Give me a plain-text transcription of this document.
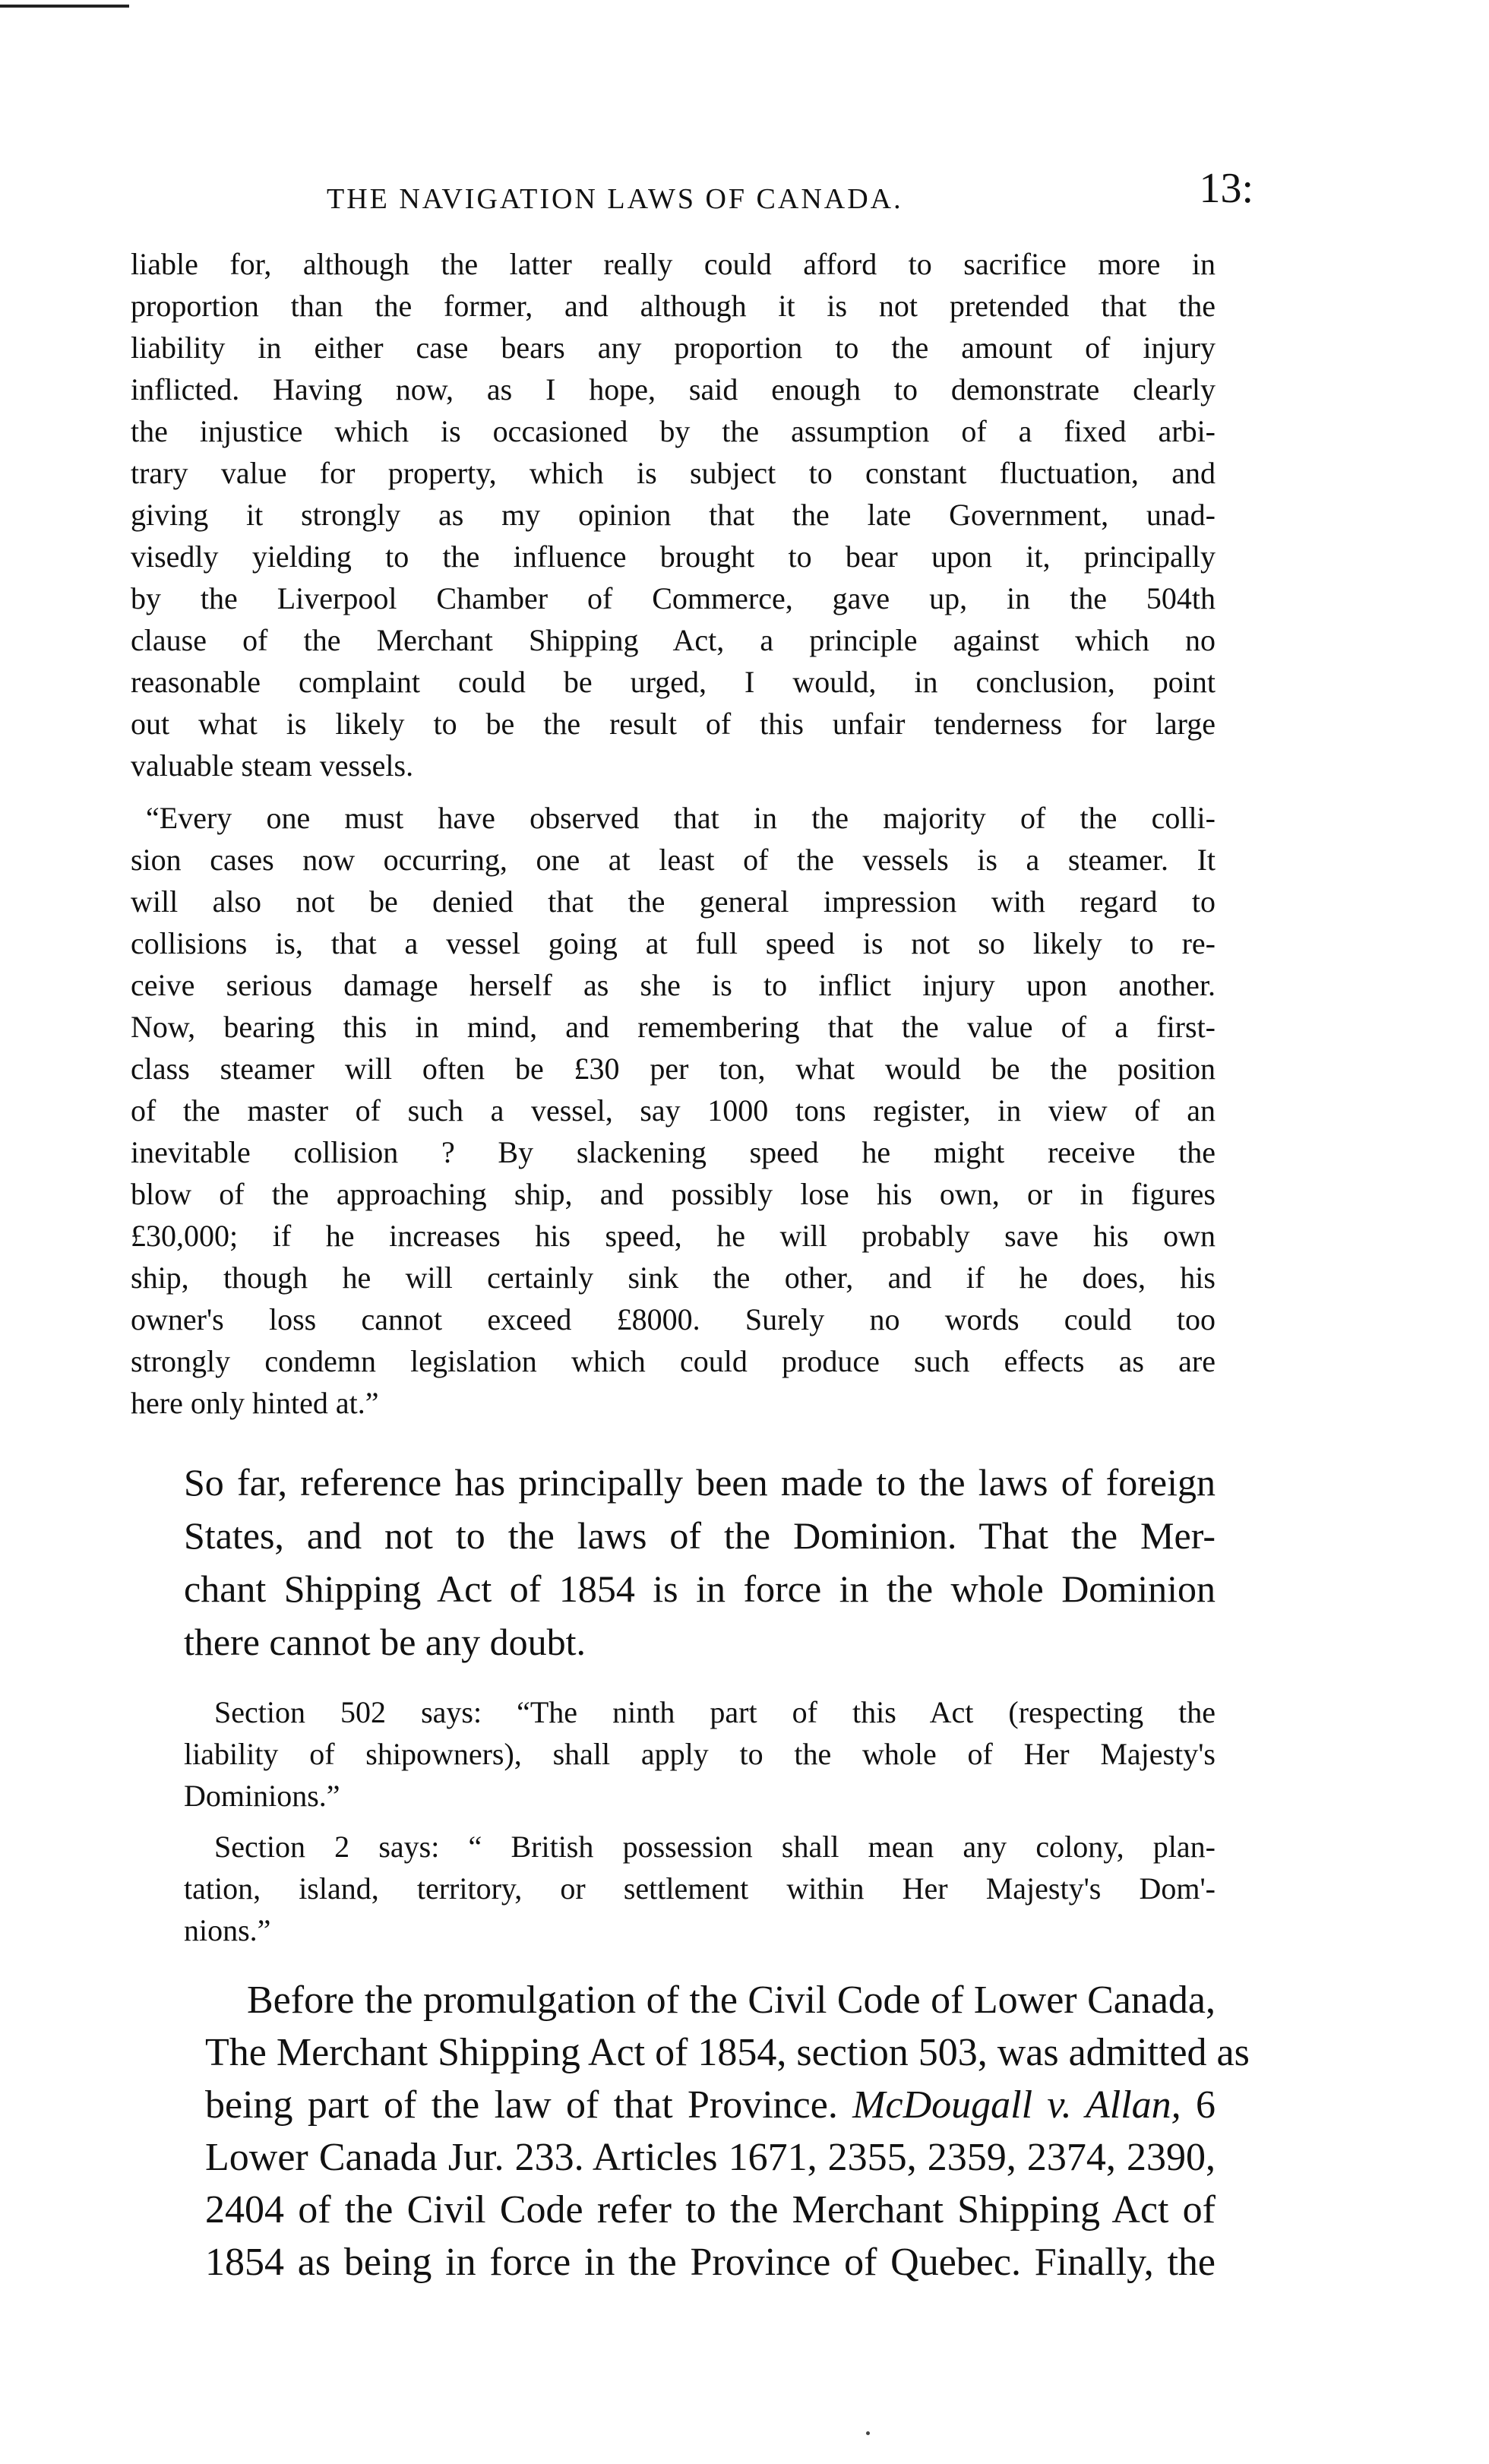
THE NAVIGATION LAWS OF CANADA.	13:
liable for, although the latter really could afford to sacrifice more in
proportion than the former, and although it is not pretended that the
liability in either case bears any proportion to the amount of injury
inflicted. Having now, as I hope, said enough to demonstrate clearly
the injustice which is occasioned by the assumption of a fixed arbi-
trary value for property, which is subject to constant fluctuation, and
giving it strongly as my opinion that the late Government, unad-
visedly yielding to the influence brought to bear upon it, principally
by the Liverpool Chamber of Commerce, gave up, in the 504th
clause of the Merchant Shipping Act, a principle against which no
reasonable complaint could be urged, I would, in conclusion, point
out what is likely to be the result of this unfair tenderness for large
valuable steam vessels.
“Every one must have observed that in the majority of the colli-
sion cases now occurring, one at least of the vessels is a steamer. It
will also not be denied that the general impression with regard to
collisions is, that a vessel going at full speed is not so likely to re-
ceive serious damage herself as she is to inflict injury upon another.
Now, bearing this in mind, and remembering that the value of a first-
class steamer will often be £30 per ton, what would be the position
of the master of such a vessel, say 1000 tons register, in view of an
inevitable collision ? By slackening speed he might receive the
blow of the approaching ship, and possibly lose his own, or in figures
£30,000; if he increases his speed, he will probably save his own
ship, though he will certainly sink the other, and if he does, his
owner's loss cannot exceed £8000. Surely no words could too
strongly condemn legislation which could produce such effects as are
here only hinted at.”
So far, reference has principally been made to the laws of foreign
States, and not to the laws of the Dominion. That the Mer-
chant Shipping Act of 1854 is in force in the whole Dominion
there cannot be any doubt.
Section 502 says: “The ninth part of this Act (respecting the
liability of shipowners), shall apply to the whole of Her Majesty's
Dominions.”
Section 2 says: “ British possession shall mean any colony, plan-
tation, island, territory, or settlement within Her Majesty's Dom'-
nions.”
Before the promulgation of the Civil Code of Lower Canada,
The Merchant Shipping Act of 1854, section 503, was admitted as
being part of the law of that Province. McDougall v. Allan, 6
Lower Canada Jur. 233. Articles 1671, 2355, 2359, 2374, 2390,
2404 of the Civil Code refer to the Merchant Shipping Act of
1854 as being in force in the Province of Quebec. Finally, the
